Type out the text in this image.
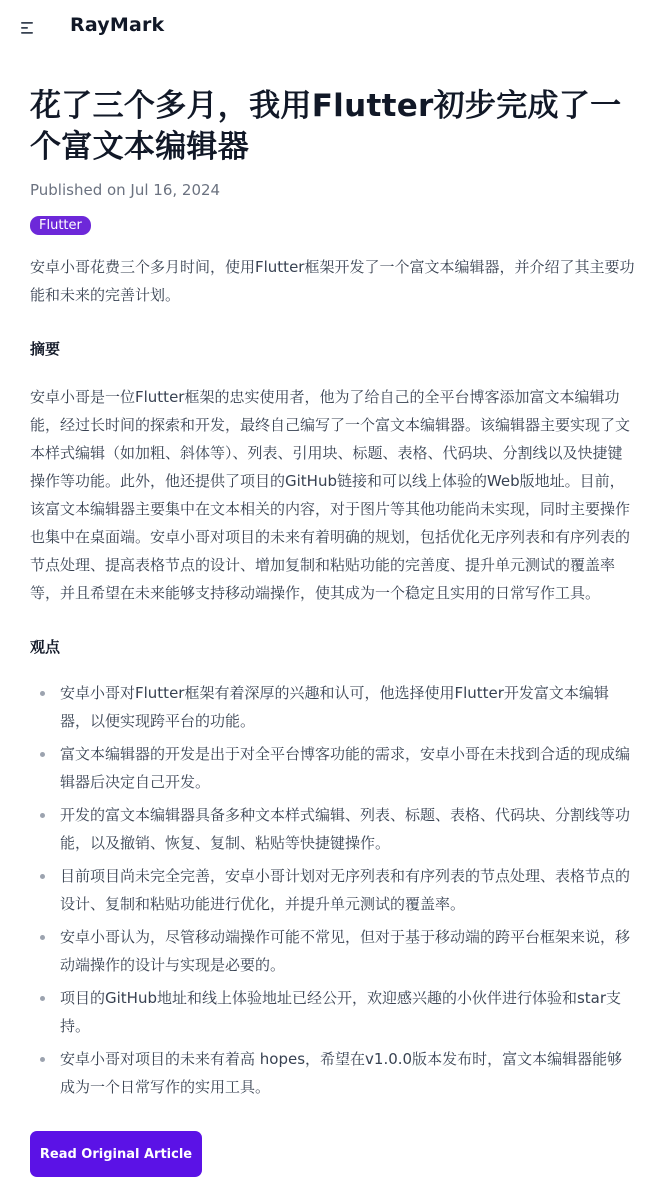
RayMark
花了三个多月，我用Flutter初步完成了一个富文本编辑器
Published on Jul 16, 2024
Flutter

安卓小哥花费三个多月时间，使用Flutter框架开发了一个富文本编辑器，并介绍了其主要功能和未来的完善计划。

摘要

安卓小哥是一位Flutter框架的忠实使用者，他为了给自己的全平台博客添加富文本编辑功能，经过长时间的探索和开发，最终自己编写了一个富文本编辑器。该编辑器主要实现了文本样式编辑（如加粗、斜体等）、列表、引用块、标题、表格、代码块、分割线以及快捷键操作等功能。此外，他还提供了项目的GitHub链接和可以线上体验的Web版地址。目前，该富文本编辑器主要集中在文本相关的内容，对于图片等其他功能尚未实现，同时主要操作也集中在桌面端。安卓小哥对项目的未来有着明确的规划，包括优化无序列表和有序列表的节点处理、提高表格节点的设计、增加复制和粘贴功能的完善度、提升单元测试的覆盖率等，并且希望在未来能够支持移动端操作，使其成为一个稳定且实用的日常写作工具。

观点
安卓小哥对Flutter框架有着深厚的兴趣和认可，他选择使用Flutter开发富文本编辑器，以便实现跨平台的功能。
富文本编辑器的开发是出于对全平台博客功能的需求，安卓小哥在未找到合适的现成编辑器后决定自己开发。
开发的富文本编辑器具备多种文本样式编辑、列表、标题、表格、代码块、分割线等功能，以及撤销、恢复、复制、粘贴等快捷键操作。
目前项目尚未完全完善，安卓小哥计划对无序列表和有序列表的节点处理、表格节点的设计、复制和粘贴功能进行优化，并提升单元测试的覆盖率。
安卓小哥认为，尽管移动端操作可能不常见，但对于基于移动端的跨平台框架来说，移动端操作的设计与实现是必要的。
项目的GitHub地址和线上体验地址已经公开，欢迎感兴趣的小伙伴进行体验和star支持。
安卓小哥对项目的未来有着高 hopes，希望在v1.0.0版本发布时，富文本编辑器能够成为一个日常写作的实用工具。
Read Original Article
